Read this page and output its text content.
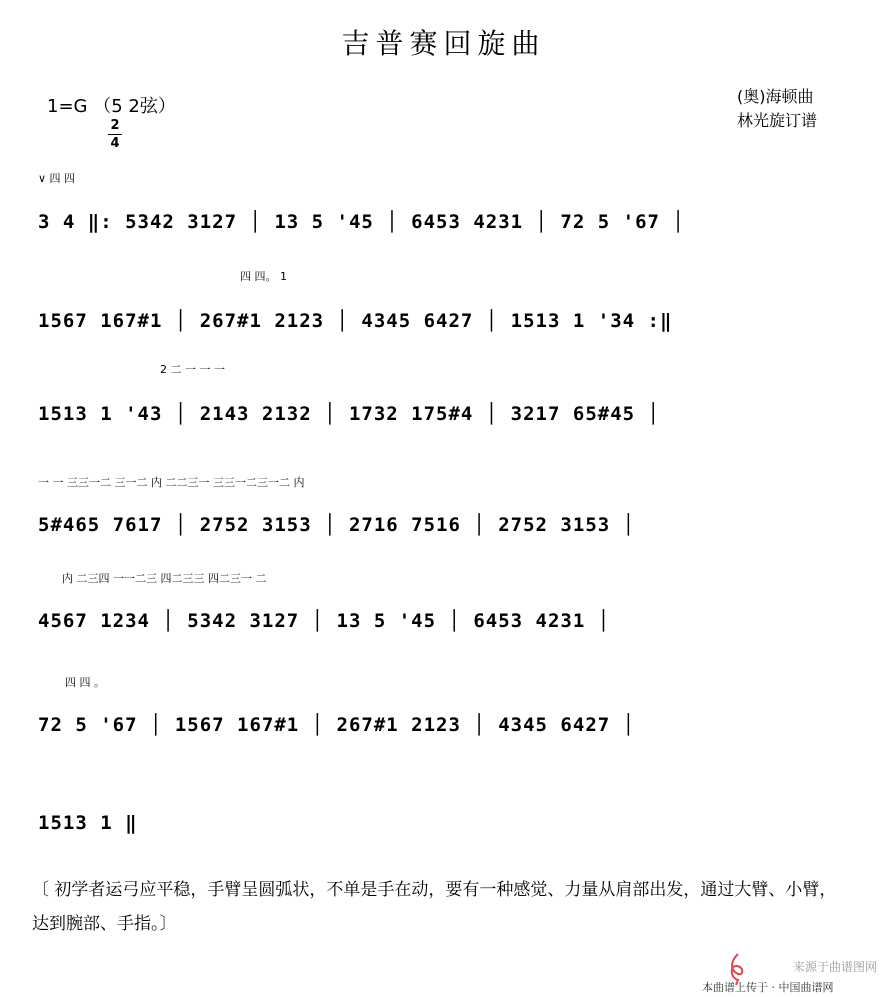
吉普赛回旋曲
1=G （5 2弦）
2
4
(奥)海顿曲
林光旋订谱
∨ 四 四
3 4 ‖: 5342 3127 │ 13 5 '45 │ 6453 4231 │ 72 5 '67 │
四 四。 1
1567 167#1 │ 267#1 2123 │ 4345 6427 │ 1513 1 '34 :‖
2 二 一 一 一
1513 1 '43 │ 2143 2132 │ 1732 175#4 │ 3217 65#45 │
一 一 三三一二 三一二 内 二二三一 三三一二三一二 内
5#465 7617 │ 2752 3153 │ 2716 7516 │ 2752 3153 │
内 二三四 一一二三 四二三三 四二三一 二
4567 1234 │ 5342 3127 │ 13 5 '45 │ 6453 4231 │
四 四 。
72 5 '67 │ 1567 167#1 │ 267#1 2123 │ 4345 6427 │
1513 1 ‖
〔 初学者运弓应平稳，手臂呈圆弧状，不单是手在动，要有一种感觉、力量从肩部出发，通过大臂、小臂，达到腕部、手指。〕
来源于曲谱图网
本曲谱上传于 · 中国曲谱网
